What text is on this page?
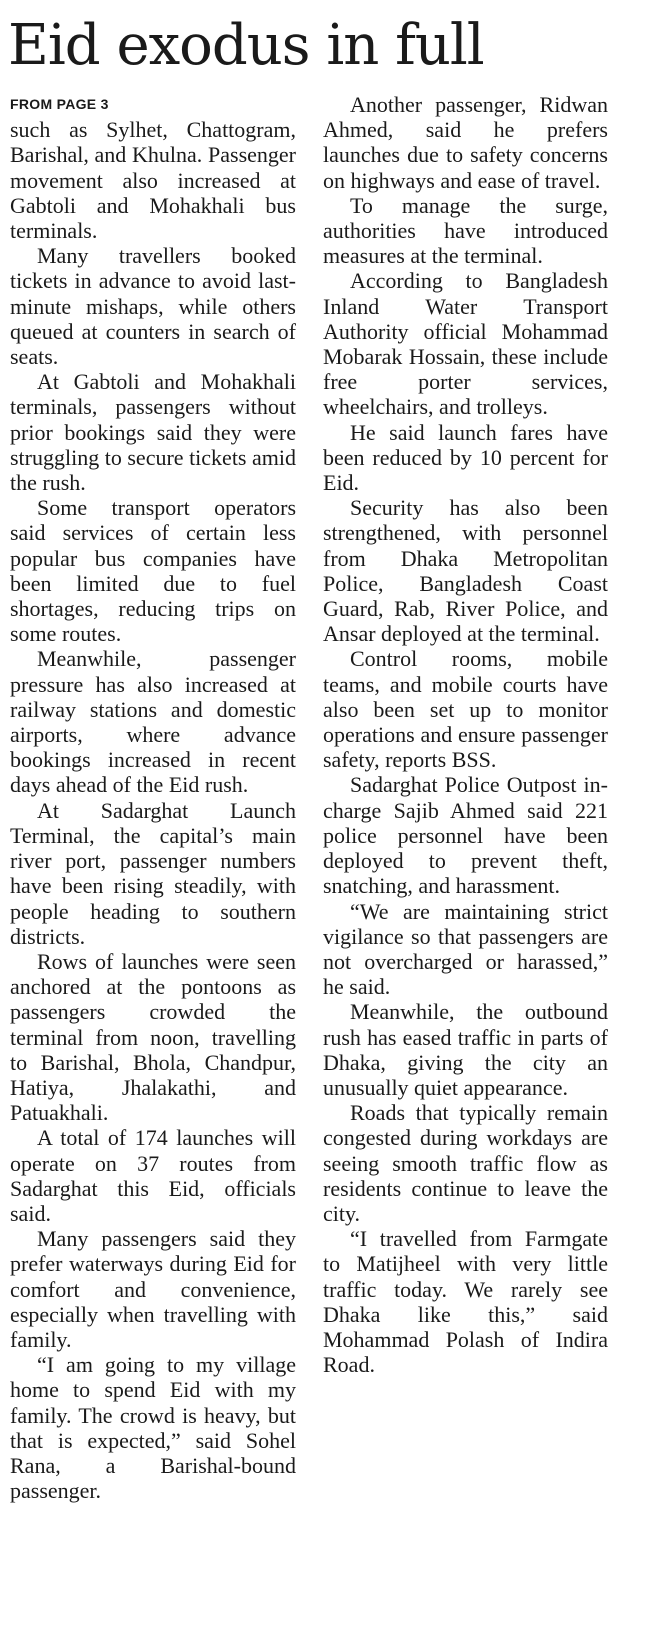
Eid exodus in full
FROM PAGE 3

such as Sylhet, Chattogram, Barishal, and Khulna. Passenger movement also increased at Gabtoli and Mohakhali bus terminals.

Many travellers booked tickets in advance to avoid last-minute mishaps, while others queued at counters in search of seats.

At Gabtoli and Mohakhali terminals, passengers without prior bookings said they were struggling to secure tickets amid the rush.

Some transport operators said services of certain less popular bus companies have been limited due to fuel shortages, reducing trips on some routes.

Meanwhile, passenger pressure has also increased at railway stations and domestic airports, where advance bookings increased in recent days ahead of the Eid rush.

At Sadarghat Launch Terminal, the capital’s main river port, passenger numbers have been rising steadily, with people heading to southern districts.

Rows of launches were seen anchored at the pontoons as passengers crowded the terminal from noon, travelling to Barishal, Bhola, Chandpur, Hatiya, Jhalakathi, and Patuakhali.

A total of 174 launches will operate on 37 routes from Sadarghat this Eid, officials said.

Many passengers said they prefer waterways during Eid for comfort and convenience, especially when travelling with family.

“I am going to my village home to spend Eid with my family. The crowd is heavy, but that is expected,” said Sohel Rana, a Barishal-bound passenger.

Another passenger, Ridwan Ahmed, said he prefers launches due to safety concerns on highways and ease of travel.

To manage the surge, authorities have introduced measures at the terminal.

According to Bangladesh Inland Water Transport Authority official Mohammad Mobarak Hossain, these include free porter services, wheelchairs, and trolleys.

He said launch fares have been reduced by 10 percent for Eid.

Security has also been strengthened, with personnel from Dhaka Metropolitan Police, Bangladesh Coast Guard, Rab, River Police, and Ansar deployed at the terminal.

Control rooms, mobile teams, and mobile courts have also been set up to monitor operations and ensure passenger safety, reports BSS.

Sadarghat Police Outpost in-charge Sajib Ahmed said 221 police personnel have been deployed to prevent theft, snatching, and harassment.

“We are maintaining strict vigilance so that passengers are not overcharged or harassed,” he said.

Meanwhile, the outbound rush has eased traffic in parts of Dhaka, giving the city an unusually quiet appearance.

Roads that typically remain congested during workdays are seeing smooth traffic flow as residents continue to leave the city.

“I travelled from Farmgate to Matijheel with very little traffic today. We rarely see Dhaka like this,” said Mohammad Polash of Indira Road.
